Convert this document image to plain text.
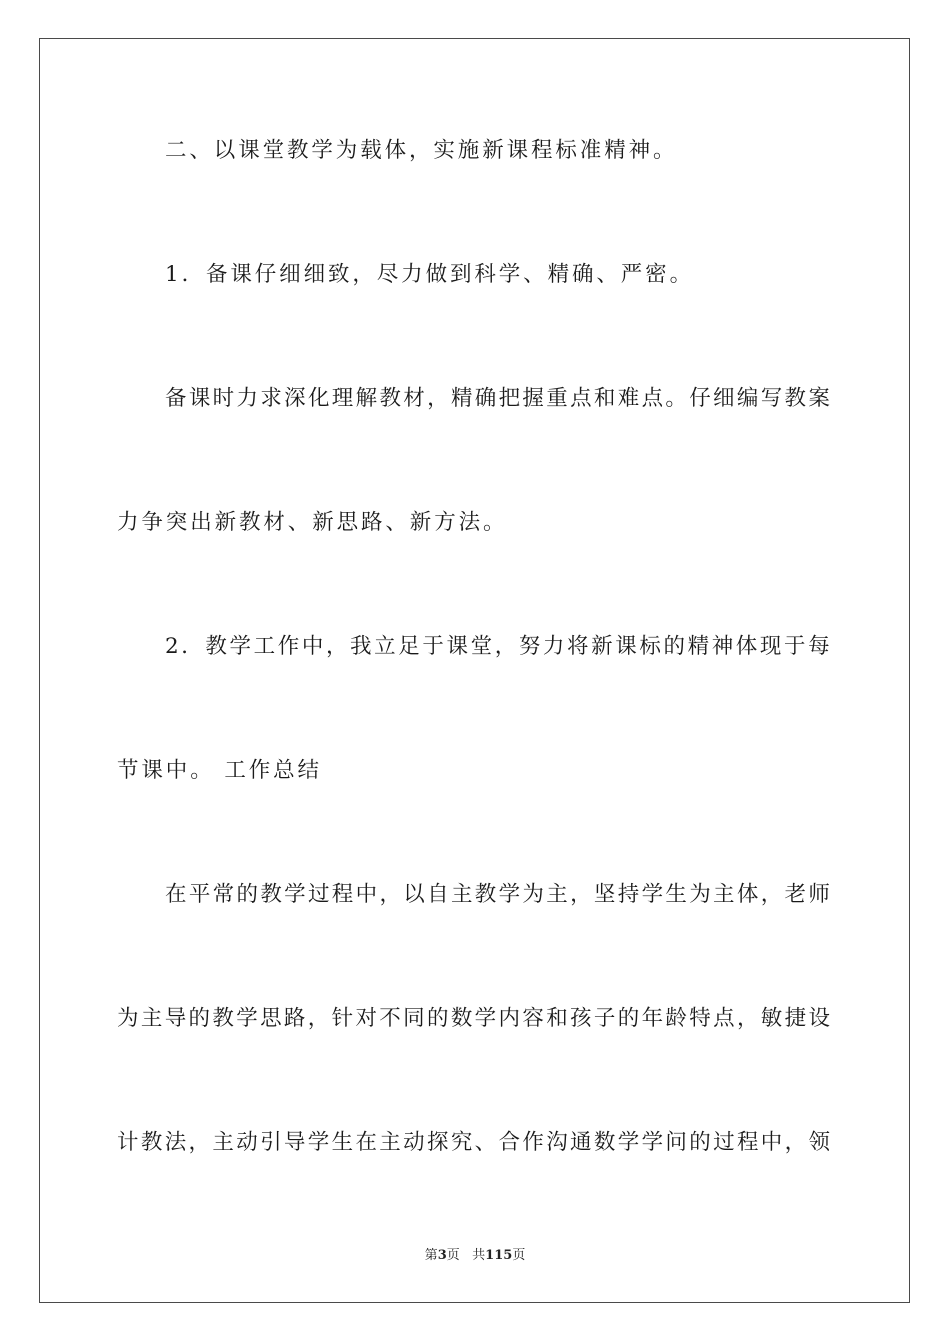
二、以课堂教学为载体，实施新课程标准精神。
1．备课仔细细致，尽力做到科学、精确、严密。
备 课 时 力 求 深 化 理 解 教 材 ， 精 确 把 握 重 点 和 难 点 。 仔 细 编 写 教 案
力争突出新教材、新思路、新方法。
2 ． 教 学 工 作 中 ， 我 立 足 于 课 堂 ， 努 力 将 新 课 标 的 精 神 体 现 于 每
节课中。 工作总结
在 平 常 的 教 学 过 程 中 ， 以 自 主 教 学 为 主 ， 坚 持 学 生 为 主 体 ， 老 师
为 主 导 的 教 学 思 路 ， 针 对 不 同 的 数 学 内 容 和 孩 子 的 年 龄 特 点 ， 敏 捷 设
计 教 法 ， 主 动 引 导 学 生 在 主 动 探 究 、 合 作 沟 通 数 学 学 问 的 过 程 中 ， 领
第3页 共115页
